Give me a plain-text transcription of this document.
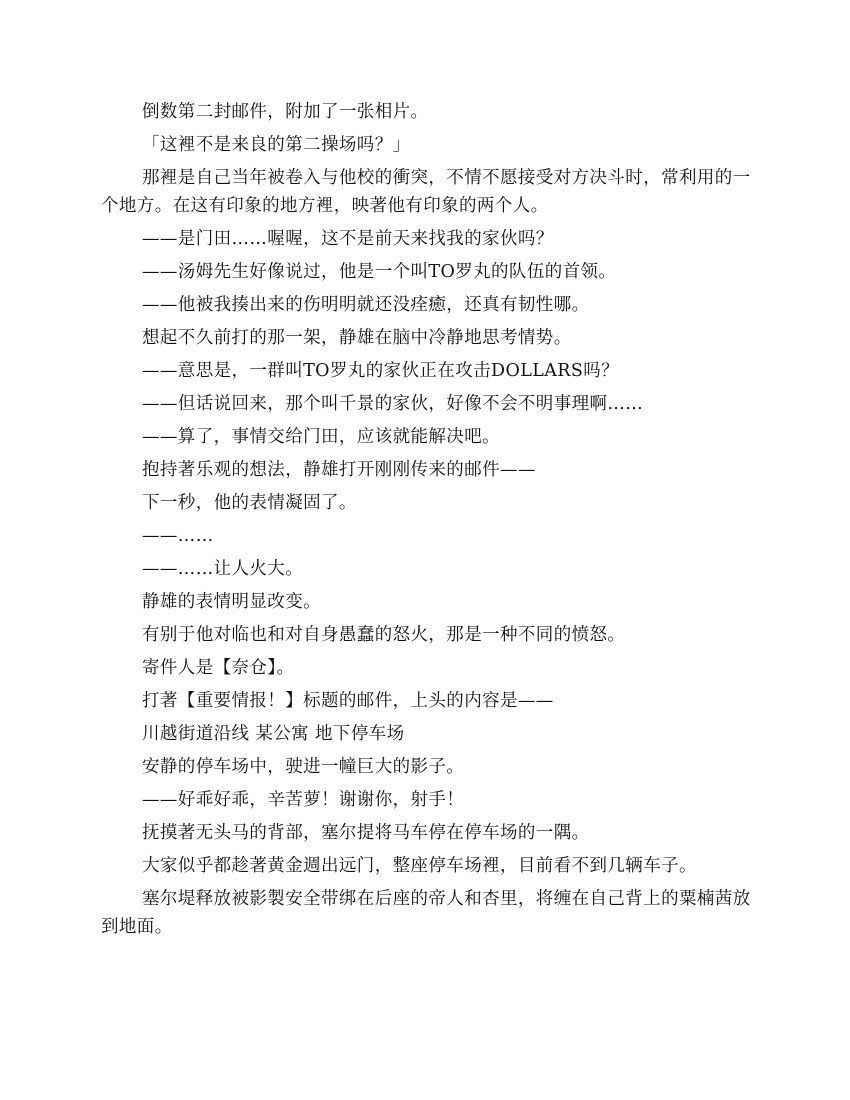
倒数第二封邮件，附加了一张相片。

「这裡不是来良的第二操场吗？」

那裡是自己当年被卷入与他校的衝突，不情不愿接受对方决斗时，常利用的一个地方。在这有印象的地方裡，映著他有印象的两个人。

——是门田……喔喔，这不是前天来找我的家伙吗？

——汤姆先生好像说过，他是一个叫TO罗丸的队伍的首领。

——他被我揍出来的伤明明就还没痊癒，还真有韧性哪。

想起不久前打的那一架，静雄在脑中冷静地思考情势。

——意思是，一群叫TO罗丸的家伙正在攻击DOLLARS吗？

——但话说回来，那个叫千景的家伙，好像不会不明事理啊……

——算了，事情交给门田，应该就能解决吧。

抱持著乐观的想法，静雄打开刚刚传来的邮件——

下一秒，他的表情凝固了。

——……

——……让人火大。

静雄的表情明显改变。

有别于他对临也和对自身愚蠢的怒火，那是一种不同的愤怒。

寄件人是【奈仓】。

打著【重要情报！】标题的邮件，上头的内容是——

川越街道沿线 某公寓 地下停车场

安静的停车场中，驶进一幢巨大的影子。

——好乖好乖，辛苦萝！谢谢你，射手！

抚摸著无头马的背部，塞尔提将马车停在停车场的一隅。

大家似乎都趁著黄金週出远门，整座停车场裡，目前看不到几辆车子。

塞尔堤释放被影製安全带绑在后座的帝人和杏里，将缠在自己背上的粟楠茜放到地面。
